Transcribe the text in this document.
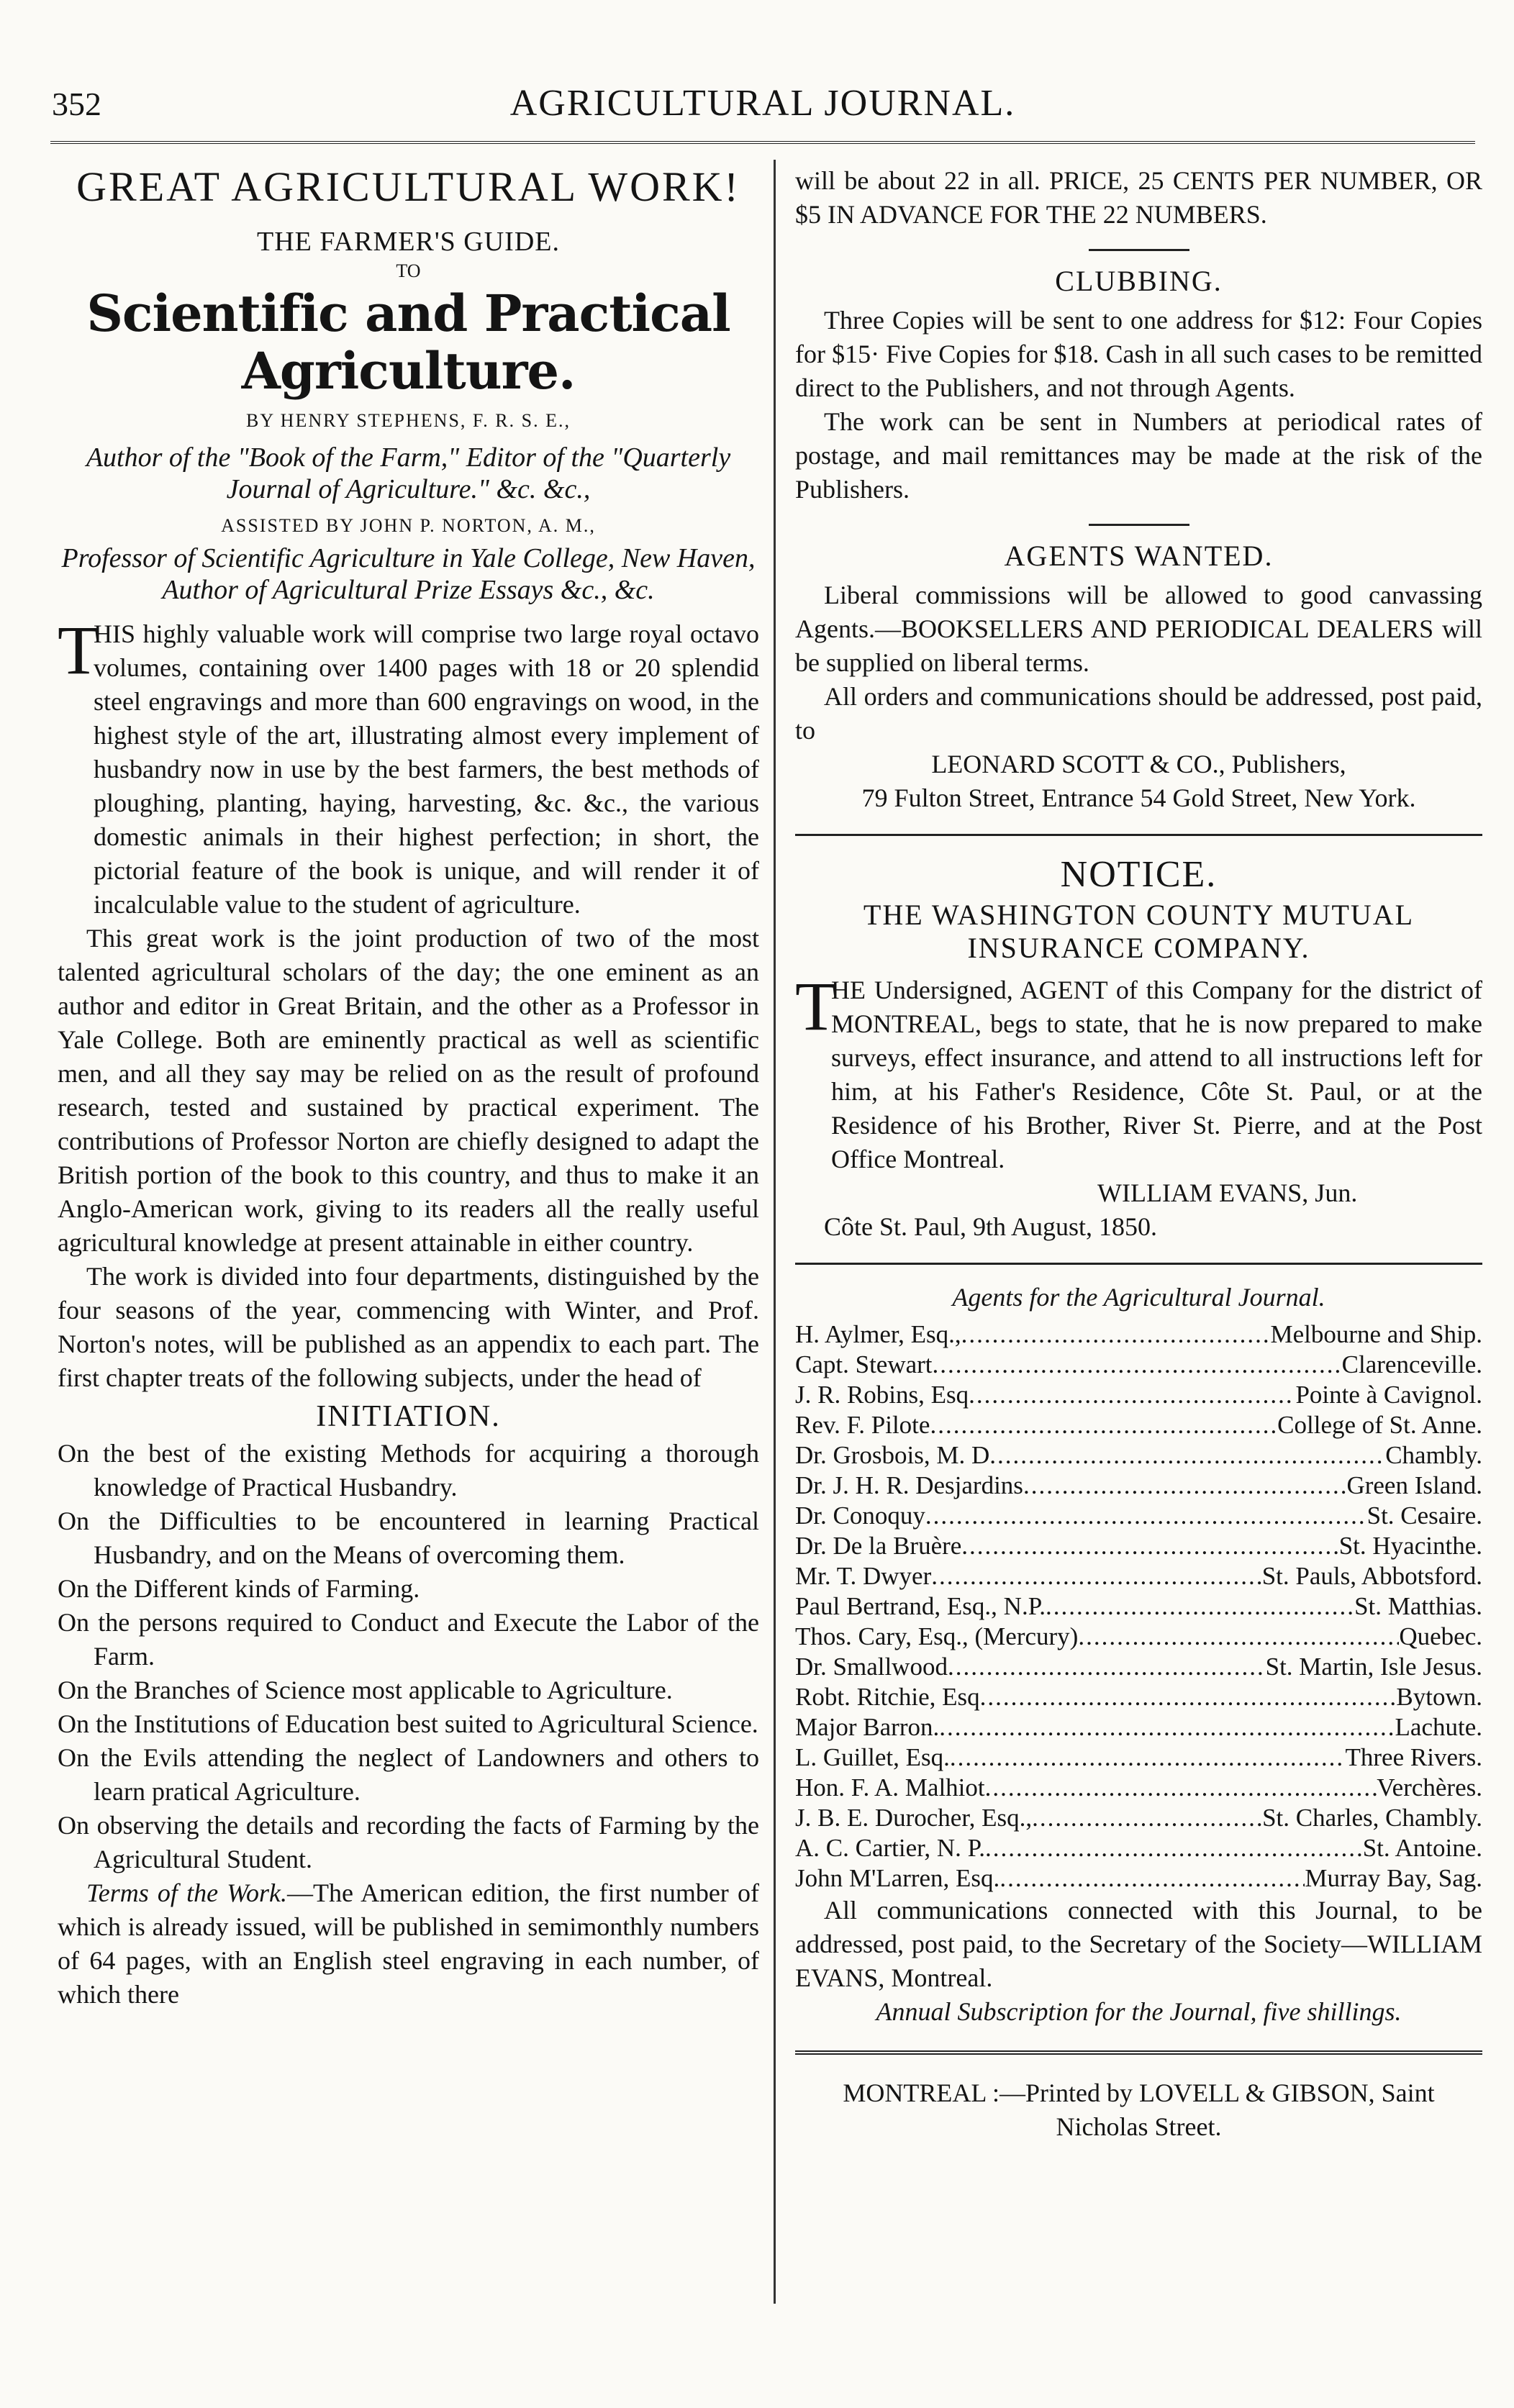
352	AGRICULTURAL JOURNAL.
GREAT AGRICULTURAL WORK!
THE FARMER'S GUIDE.
TO
Scientific and Practical Agriculture.
BY HENRY STEPHENS, F. R. S. E.,
Author of the "Book of the Farm," Editor of the "Quarterly Journal of Agriculture." &c. &c.,
ASSISTED BY JOHN P. NORTON, A. M.,
Professor of Scientific Agriculture in Yale College, New Haven, Author of Agricultural Prize Essays &c., &c.
T

HIS highly valuable work will comprise two large royal octavo volumes, containing over 1400 pages with 18 or 20 splendid steel engravings and more than 600 engravings on wood, in the highest style of the art, illustrating almost every implement of husbandry now in use by the best farmers, the best methods of ploughing, planting, haying, harvesting, &c. &c., the various domestic animals in their highest perfection; in short, the pictorial feature of the book is unique, and will render it of incalculable value to the student of agriculture.

This great work is the joint production of two of the most talented agricultural scholars of the day; the one eminent as an author and editor in Great Britain, and the other as a Professor in Yale College. Both are eminently practical as well as scientific men, and all they say may be relied on as the result of profound research, tested and sustained by practical experiment. The contributions of Professor Norton are chiefly designed to adapt the British portion of the book to this country, and thus to make it an Anglo-American work, giving to its readers all the really useful agricultural knowledge at present attainable in either country.

The work is divided into four departments, distinguished by the four seasons of the year, commencing with Winter, and Prof. Norton's notes, will be published as an appendix to each part. The first chapter treats of the following subjects, under the head of

INITIATION.

On the best of the existing Methods for acquiring a thorough knowledge of Practical Husbandry.

On the Difficulties to be encountered in learning Practical Husbandry, and on the Means of overcoming them.

On the Different kinds of Farming.

On the persons required to Conduct and Execute the Labor of the Farm.

On the Branches of Science most applicable to Agriculture.

On the Institutions of Education best suited to Agricultural Science.

On the Evils attending the neglect of Landowners and others to learn pratical Agriculture.

On observing the details and recording the facts of Farming by the Agricultural Student.

Terms of the Work.—The American edition, the first number of which is already issued, will be published in semimonthly numbers of 64 pages, with an English steel engraving in each number, of which there

will be about 22 in all. PRICE, 25 CENTS PER NUMBER, OR $5 IN ADVANCE FOR THE 22 NUMBERS.

CLUBBING.

Three Copies will be sent to one address for $12: Four Copies for $15· Five Copies for $18. Cash in all such cases to be remitted direct to the Publishers, and not through Agents.

The work can be sent in Numbers at periodical rates of postage, and mail remittances may be made at the risk of the Publishers.

AGENTS WANTED.

Liberal commissions will be allowed to good canvassing Agents.—BOOKSELLERS AND PERIODICAL DEALERS will be supplied on liberal terms.

All orders and communications should be addressed, post paid, to

LEONARD SCOTT & CO., Publishers,

79 Fulton Street, Entrance 54 Gold Street, New York.

NOTICE.
THE WASHINGTON COUNTY MUTUAL INSURANCE COMPANY.
T

HE Undersigned, AGENT of this Company for the district of MONTREAL, begs to state, that he is now prepared to make surveys, effect insurance, and attend to all instructions left for him, at his Father's Residence, Côte St. Paul, or at the Residence of his Brother, River St. Pierre, and at the Post Office Montreal.

WILLIAM EVANS, Jun.

Côte St. Paul, 9th August, 1850.

Agents for the Agricultural Journal.
H. Aylmer, Esq., .....	Melbourne and Ship.
Capt. Stewart .....	Clarenceville.
J. R. Robins, Esq .....	Pointe à Cavignol.
Rev. F. Pilote .....	College of St. Anne.
Dr. Grosbois, M. D .....	Chambly.
Dr. J. H. R. Desjardins .....	Green Island.
Dr. Conoquy .....	St. Cesaire.
Dr. De la Bruère .....	St. Hyacinthe.
Mr. T. Dwyer .....	St. Pauls, Abbotsford.
Paul Bertrand, Esq., N.P. .....	St. Matthias.
Thos. Cary, Esq., (Mercury) .....	Quebec.
Dr. Smallwood .....	St. Martin, Isle Jesus.
Robt. Ritchie, Esq .....	Bytown.
Major Barron. .....	Lachute.
L. Guillet, Esq. .....	Three Rivers.
Hon. F. A. Malhiot .....	Verchères.
J. B. E. Durocher, Esq., .....	St. Charles, Chambly.
A. C. Cartier, N. P. .....	St. Antoine.
John M'Larren, Esq. .....	Murray Bay, Sag.

All communications connected with this Journal, to be addressed, post paid, to the Secretary of the Society—WILLIAM EVANS, Montreal.

Annual Subscription for the Journal, five shillings.

MONTREAL :—Printed by LOVELL & GIBSON, Saint Nicholas Street.
